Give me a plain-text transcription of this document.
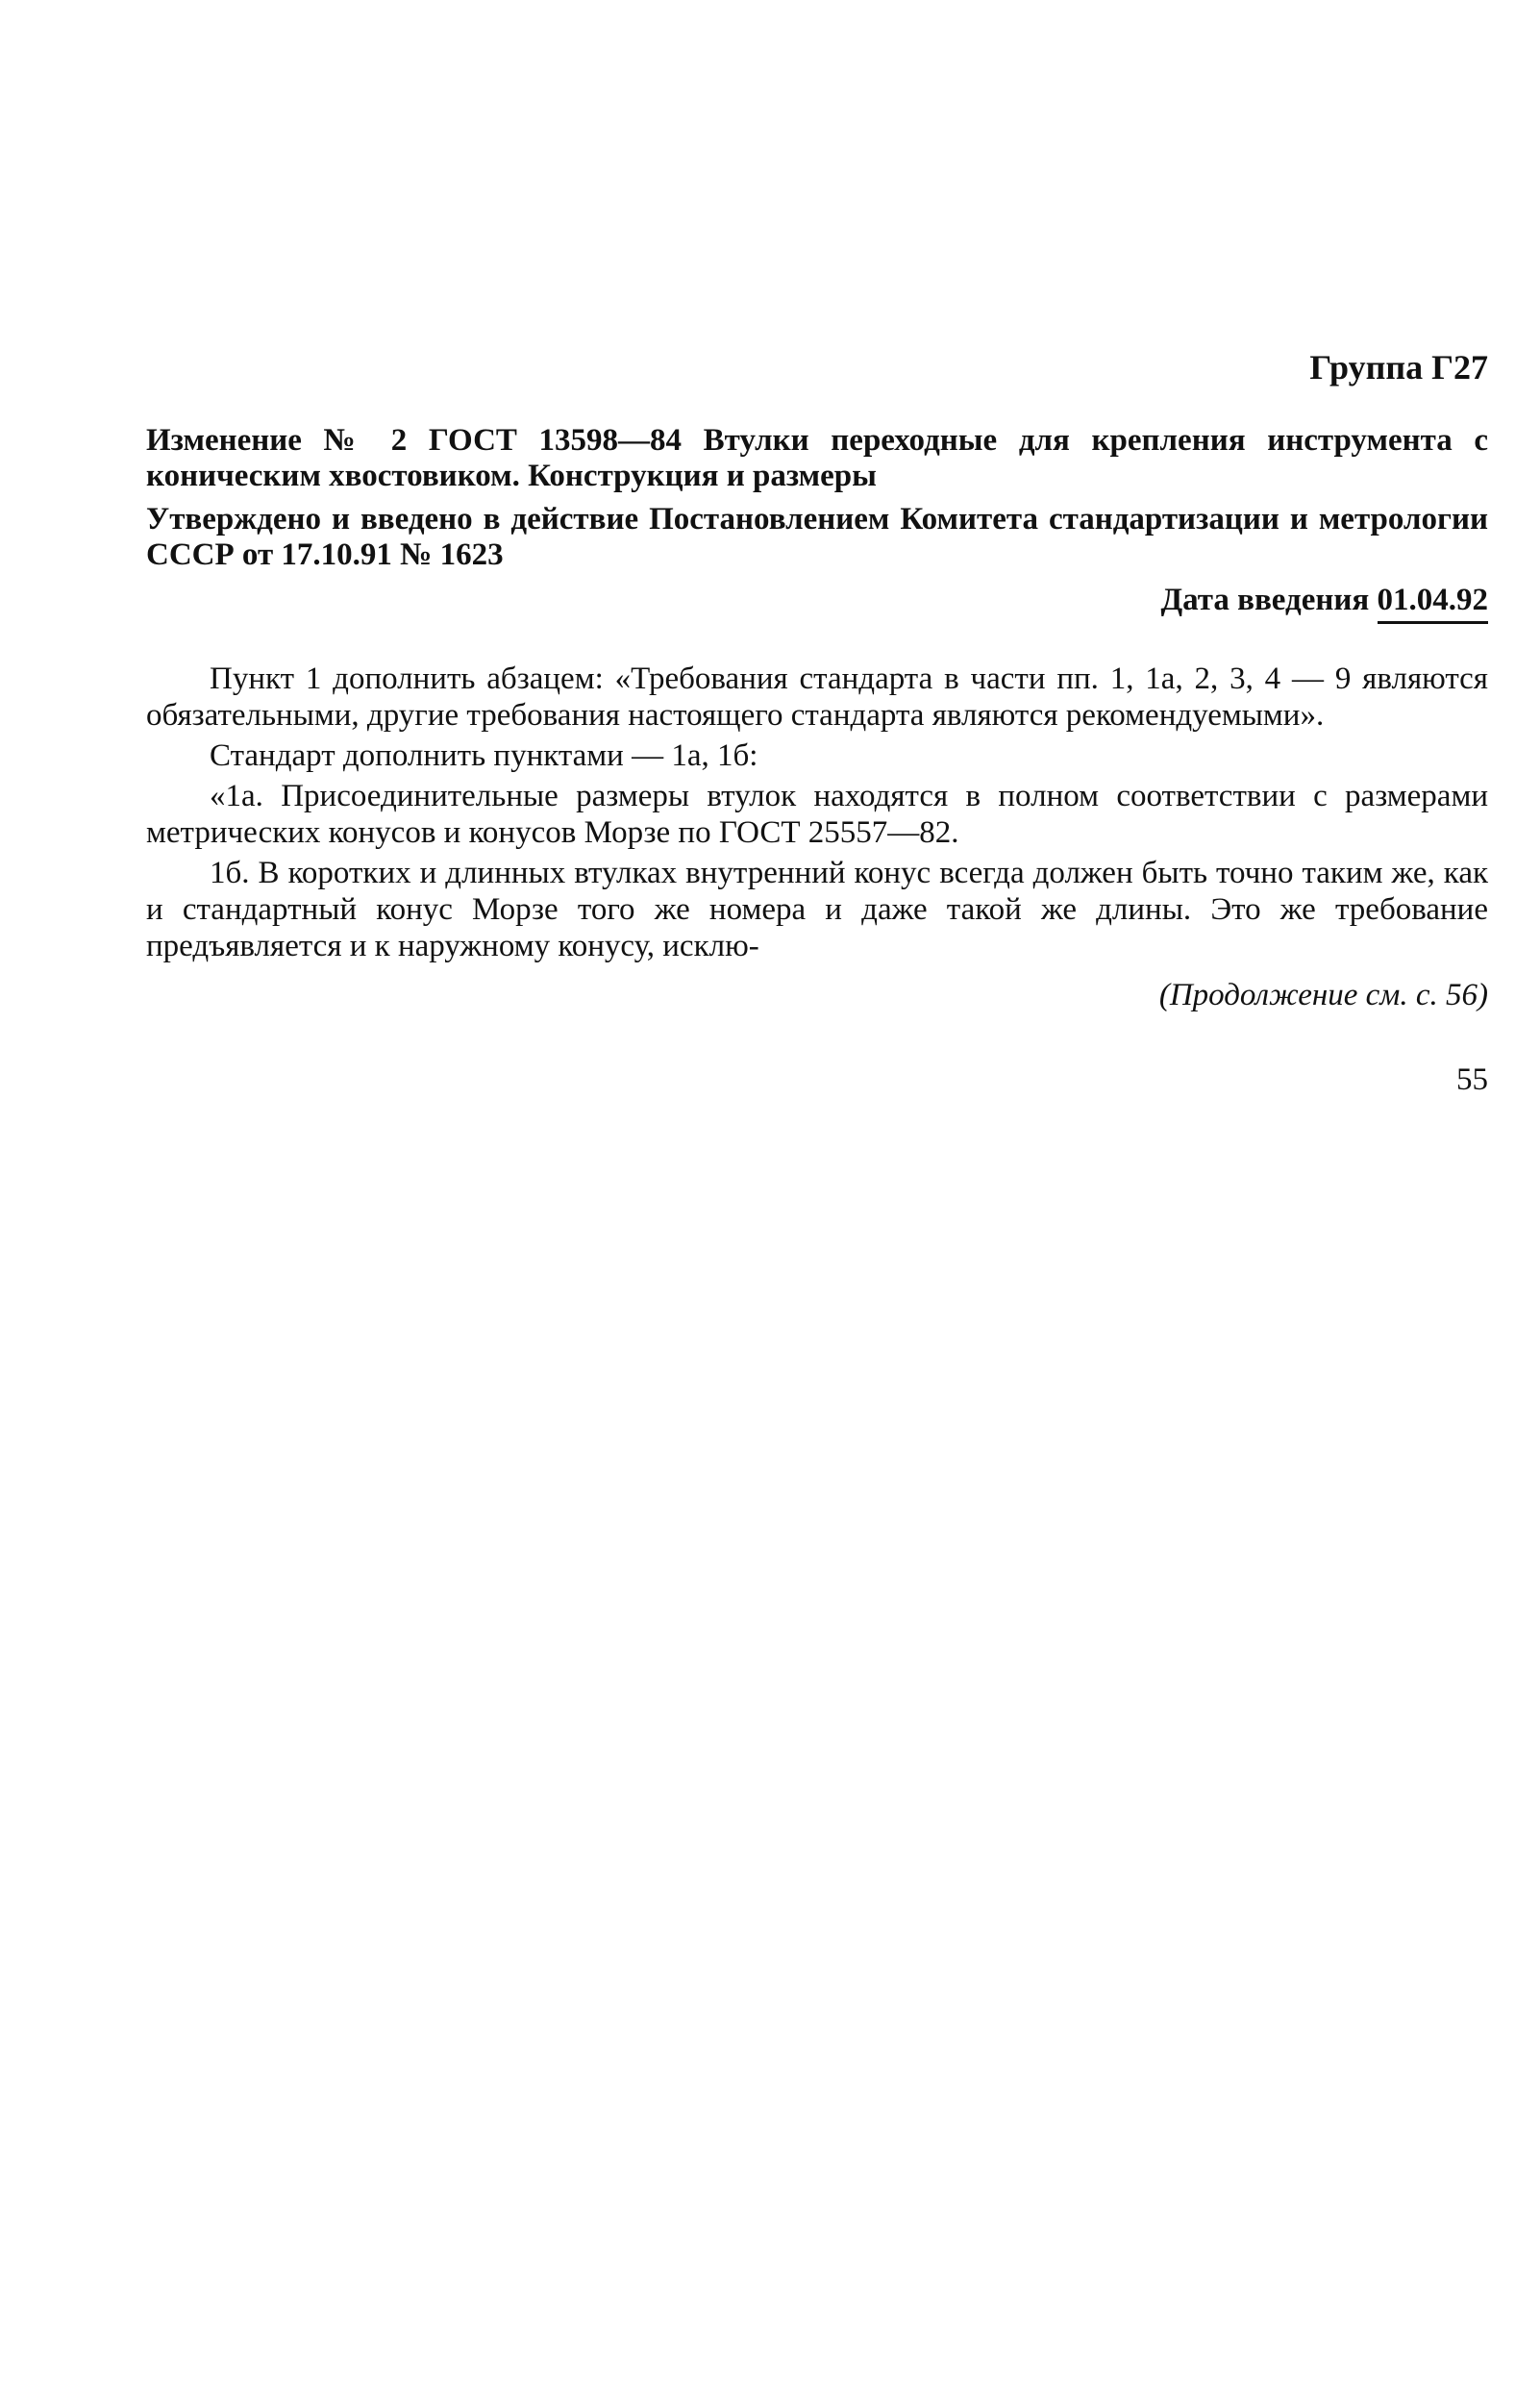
Группа Г27

Изменение № 2 ГОСТ 13598—84 Втулки переходные для крепления инструмента с коническим хвостовиком. Конструкция и размеры

Утверждено и введено в действие Постановлением Комитета стандартизации и метрологии СССР от 17.10.91 № 1623

Дата введения 01.04.92

Пункт 1 дополнить абзацем: «Требования стандарта в части пп. 1, 1а, 2, 3, 4 — 9 являются обязательными, другие требования настоящего стандарта являются рекомендуемыми».

Стандарт дополнить пунктами — 1а, 1б:

«1а. Присоединительные размеры втулок находятся в полном соответствии с размерами метрических конусов и конусов Морзе по ГОСТ 25557—82.

1б. В коротких и длинных втулках внутренний конус всегда должен быть точно таким же, как и стандартный конус Морзе того же номера и даже такой же длины. Это же требование предъявляется и к наружному конусу, исклю-

(Продолжение см. с. 56)
55
